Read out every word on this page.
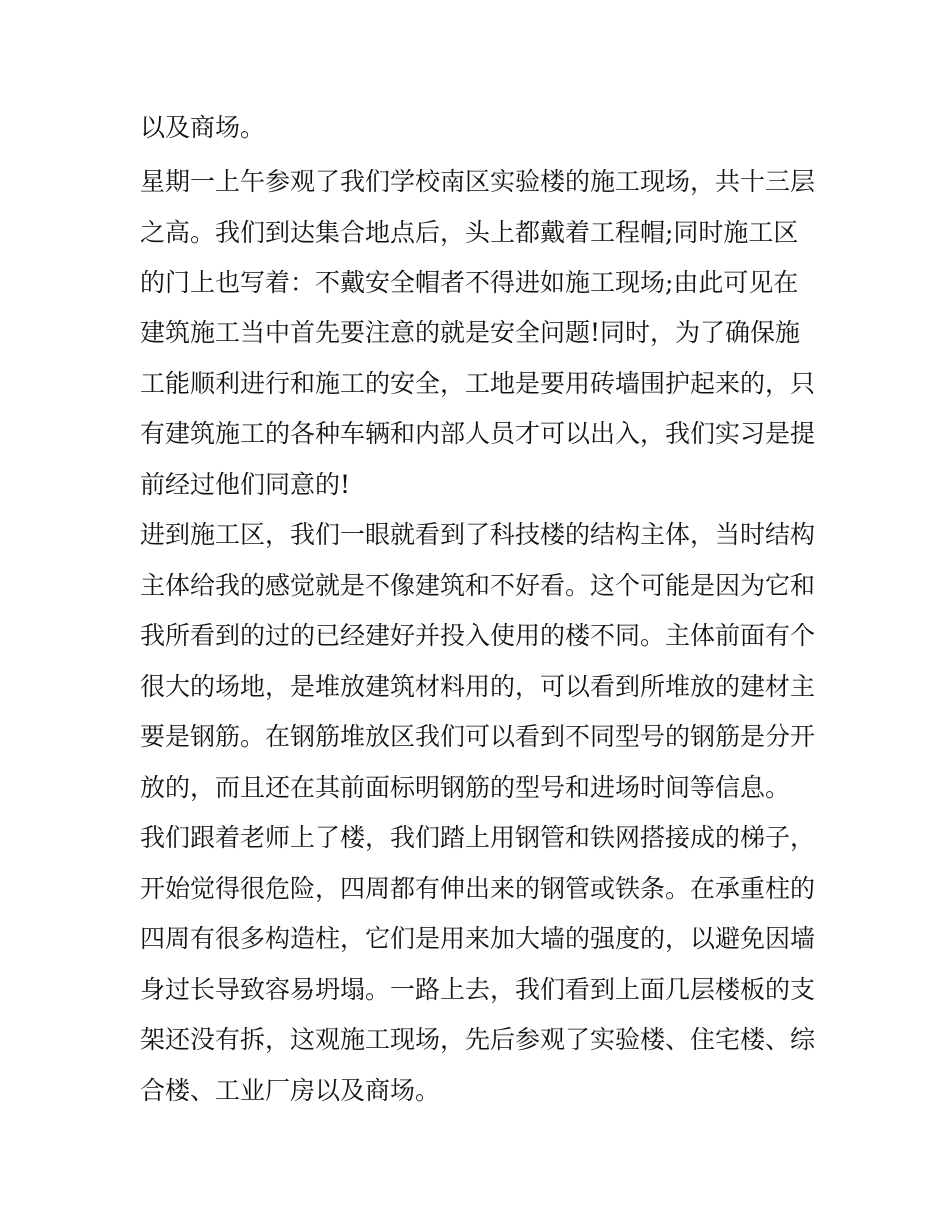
以及商场。
星期一上午参观了我们学校南区实验楼的施工现场，共十三层
之高。我们到达集合地点后，头上都戴着工程帽;同时施工区
的门上也写着：不戴安全帽者不得进如施工现场;由此可见在
建筑施工当中首先要注意的就是安全问题!同时，为了确保施
工能顺利进行和施工的安全，工地是要用砖墙围护起来的，只
有建筑施工的各种车辆和内部人员才可以出入，我们实习是提
前经过他们同意的!
进到施工区，我们一眼就看到了科技楼的结构主体，当时结构
主体给我的感觉就是不像建筑和不好看。这个可能是因为它和
我所看到的过的已经建好并投入使用的楼不同。主体前面有个
很大的场地，是堆放建筑材料用的，可以看到所堆放的建材主
要是钢筋。在钢筋堆放区我们可以看到不同型号的钢筋是分开
放的，而且还在其前面标明钢筋的型号和进场时间等信息。
我们跟着老师上了楼，我们踏上用钢管和铁网搭接成的梯子，
开始觉得很危险，四周都有伸出来的钢管或铁条。在承重柱的
四周有很多构造柱，它们是用来加大墙的强度的，以避免因墙
身过长导致容易坍塌。一路上去，我们看到上面几层楼板的支
架还没有拆，这观施工现场，先后参观了实验楼、住宅楼、综
合楼、工业厂房以及商场。
